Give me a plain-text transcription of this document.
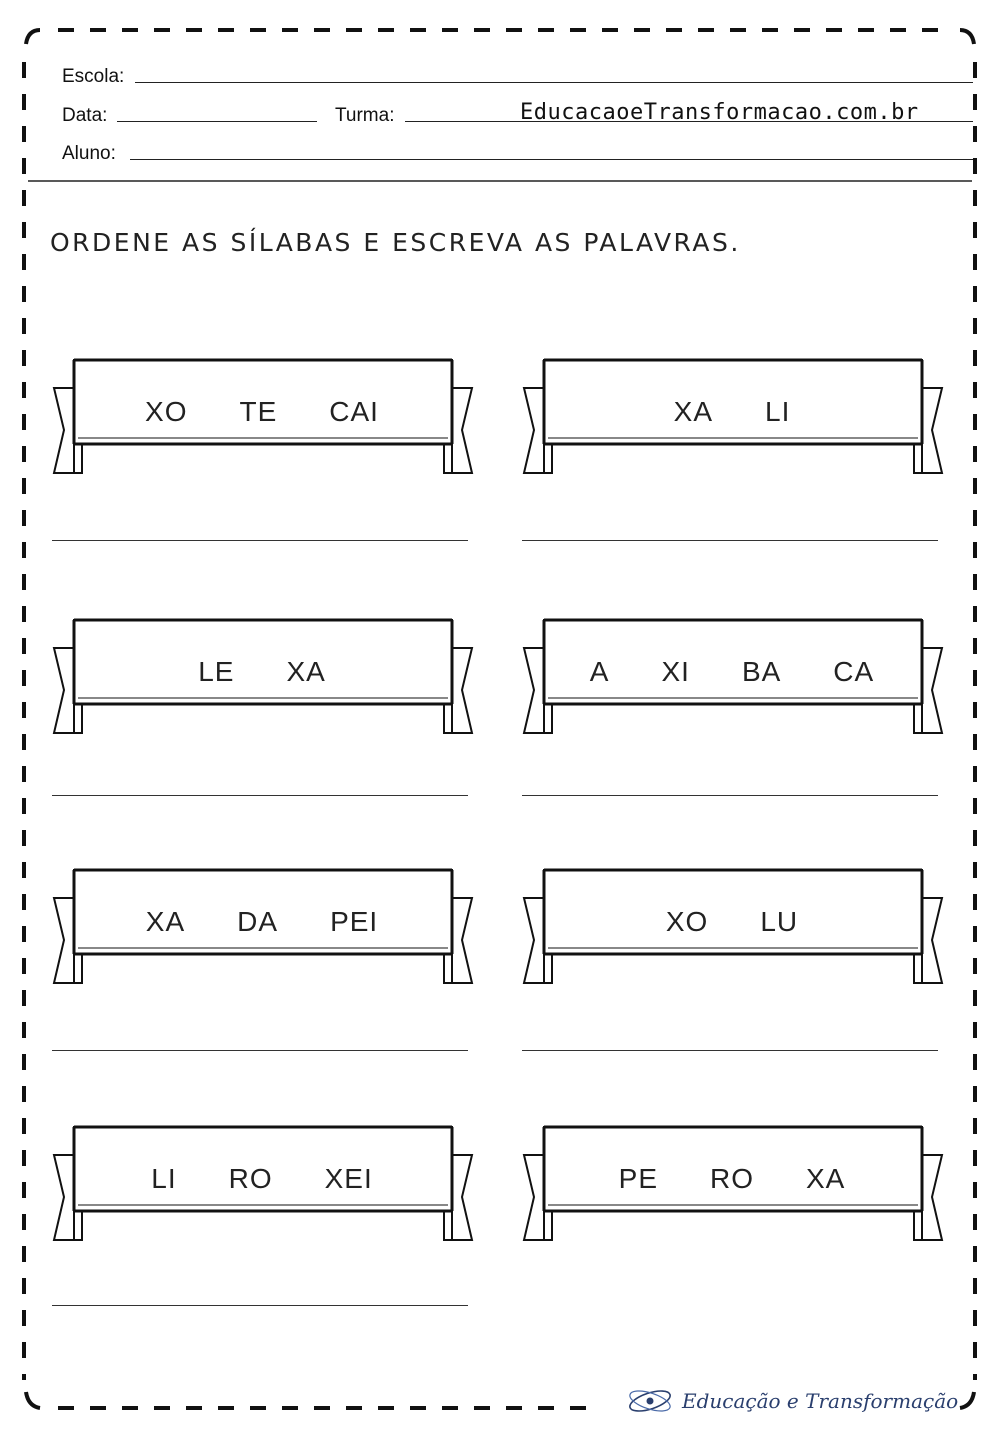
Escola:
Data:	Turma:	EducacaoeTransformacao.com.br
Aluno:
ORDENE AS SÍLABAS E ESCREVA AS PALAVRAS.
XO TE CAI	XA LI
LE XA	A XI BA CA
XA DA PEI	XO LU
LI RO XEI	PE RO XA
Educação e Transformação
